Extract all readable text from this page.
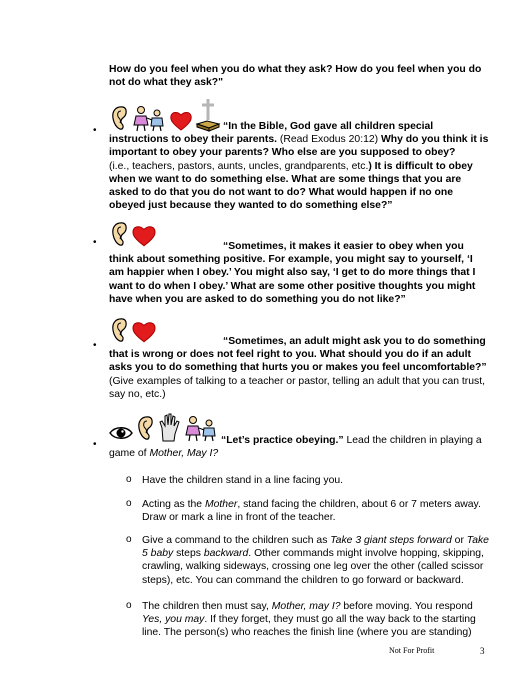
How do you feel when you do what they ask? How do you feel when you do not do what they ask?"
•	“In the Bible, God gave all children special instructions to obey their parents. (Read Exodus 20:12) Why do you think it is important to obey your parents? Who else are you supposed to obey?
(i.e., teachers, pastors, aunts, uncles, grandparents, etc.) It is difficult to obey when we want to do something else. What are some things that you are asked to do that you do not want to do? What would happen if no one obeyed just because they wanted to do something else?”
•	“Sometimes, it makes it easier to obey when you think about something positive. For example, you might say to yourself, ‘I am happier when I obey.’ You might also say, ‘I get to do more things that I want to do when I obey.’ What are some other positive thoughts you might have when you are asked to do something you do not like?”
•	“Sometimes, an adult might ask you to do something that is wrong or does not feel right to you. What should you do if an adult asks you to do something that hurts you or makes you feel uncomfortable?” (Give examples of talking to a teacher or pastor, telling an adult that you can trust, say no, etc.)
•	“Let’s practice obeying.” Lead the children in playing a game of Mother, May I?
o Have the children stand in a line facing you.
o Acting as the Mother, stand facing the children, about 6 or 7 meters away. Draw or mark a line in front of the teacher.
o Give a command to the children such as Take 3 giant steps forward or Take 5 baby steps backward. Other commands might involve hopping, skipping, crawling, walking sideways, crossing one leg over the other (called scissor steps), etc. You can command the children to go forward or backward.
o The children then must say, Mother, may I? before moving. You respond Yes, you may. If they forget, they must go all the way back to the starting line. The person(s) who reaches the finish line (where you are standing)
Not For Profit	3
